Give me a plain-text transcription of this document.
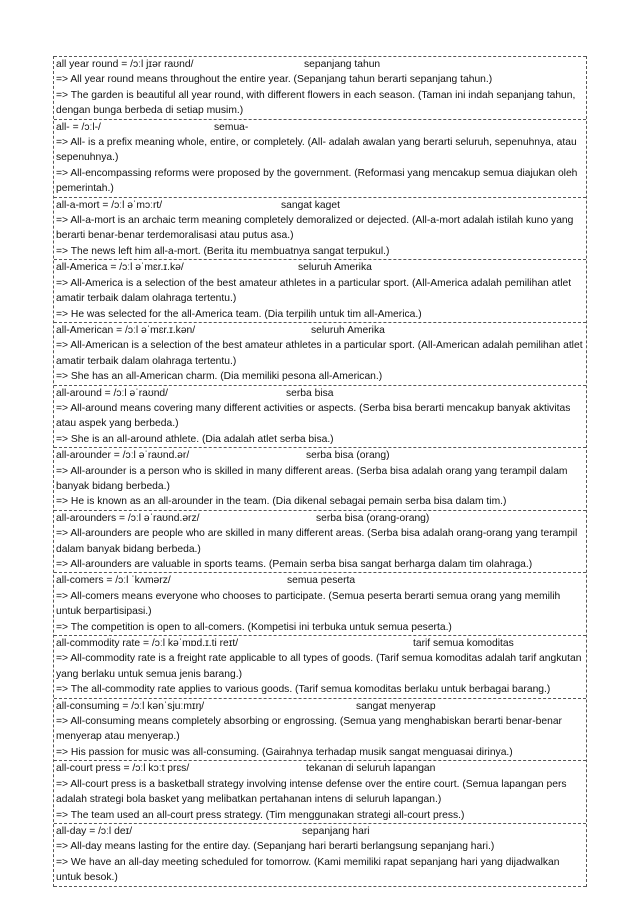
all year round = /ɔːl jɪər raʊnd/	sepanjang tahun
=> All year round means throughout the entire year. (Sepanjang tahun berarti sepanjang tahun.)
=> The garden is beautiful all year round, with different flowers in each season. (Taman ini indah sepanjang tahun, dengan bunga berbeda di setiap musim.)
all- = /ɔːl-/	semua-
=> All- is a prefix meaning whole, entire, or completely. (All- adalah awalan yang berarti seluruh, sepenuhnya, atau sepenuhnya.)
=> All-encompassing reforms were proposed by the government. (Reformasi yang mencakup semua diajukan oleh pemerintah.)
all-a-mort = /ɔːl əˈmɔːrt/	sangat kaget
=> All-a-mort is an archaic term meaning completely demoralized or dejected. (All-a-mort adalah istilah kuno yang berarti benar-benar terdemoralisasi atau putus asa.)
=> The news left him all-a-mort. (Berita itu membuatnya sangat terpukul.)
all-America = /ɔːl əˈmɛr.ɪ.kə/	seluruh Amerika
=> All-America is a selection of the best amateur athletes in a particular sport. (All-America adalah pemilihan atlet amatir terbaik dalam olahraga tertentu.)
=> He was selected for the all-America team. (Dia terpilih untuk tim all-America.)
all-American = /ɔːl əˈmɛr.ɪ.kən/	seluruh Amerika
=> All-American is a selection of the best amateur athletes in a particular sport. (All-American adalah pemilihan atlet amatir terbaik dalam olahraga tertentu.)
=> She has an all-American charm. (Dia memiliki pesona all-American.)
all-around = /ɔːl əˈraʊnd/	serba bisa
=> All-around means covering many different activities or aspects. (Serba bisa berarti mencakup banyak aktivitas atau aspek yang berbeda.)
=> She is an all-around athlete. (Dia adalah atlet serba bisa.)
all-arounder = /ɔːl əˈraʊnd.ər/	serba bisa (orang)
=> All-arounder is a person who is skilled in many different areas. (Serba bisa adalah orang yang terampil dalam banyak bidang berbeda.)
=> He is known as an all-arounder in the team. (Dia dikenal sebagai pemain serba bisa dalam tim.)
all-arounders = /ɔːl əˈraʊnd.ərz/	serba bisa (orang-orang)
=> All-arounders are people who are skilled in many different areas. (Serba bisa adalah orang-orang yang terampil dalam banyak bidang berbeda.)
=> All-arounders are valuable in sports teams. (Pemain serba bisa sangat berharga dalam tim olahraga.)
all-comers = /ɔːl ˈkʌmərz/	semua peserta
=> All-comers means everyone who chooses to participate. (Semua peserta berarti semua orang yang memilih untuk berpartisipasi.)
=> The competition is open to all-comers. (Kompetisi ini terbuka untuk semua peserta.)
all-commodity rate = /ɔːl kəˈmɒd.ɪ.ti reɪt/	tarif semua komoditas
=> All-commodity rate is a freight rate applicable to all types of goods. (Tarif semua komoditas adalah tarif angkutan yang berlaku untuk semua jenis barang.)
=> The all-commodity rate applies to various goods. (Tarif semua komoditas berlaku untuk berbagai barang.)
all-consuming = /ɔːl kənˈsjuːmɪŋ/	sangat menyerap
=> All-consuming means completely absorbing or engrossing. (Semua yang menghabiskan berarti benar-benar menyerap atau menyerap.)
=> His passion for music was all-consuming. (Gairahnya terhadap musik sangat menguasai dirinya.)
all-court press = /ɔːl kɔːt prɛs/	tekanan di seluruh lapangan
=> All-court press is a basketball strategy involving intense defense over the entire court. (Semua lapangan pers adalah strategi bola basket yang melibatkan pertahanan intens di seluruh lapangan.)
=> The team used an all-court press strategy. (Tim menggunakan strategi all-court press.)
all-day = /ɔːl deɪ/	sepanjang hari
=> All-day means lasting for the entire day. (Sepanjang hari berarti berlangsung sepanjang hari.)
=> We have an all-day meeting scheduled for tomorrow. (Kami memiliki rapat sepanjang hari yang dijadwalkan untuk besok.)
